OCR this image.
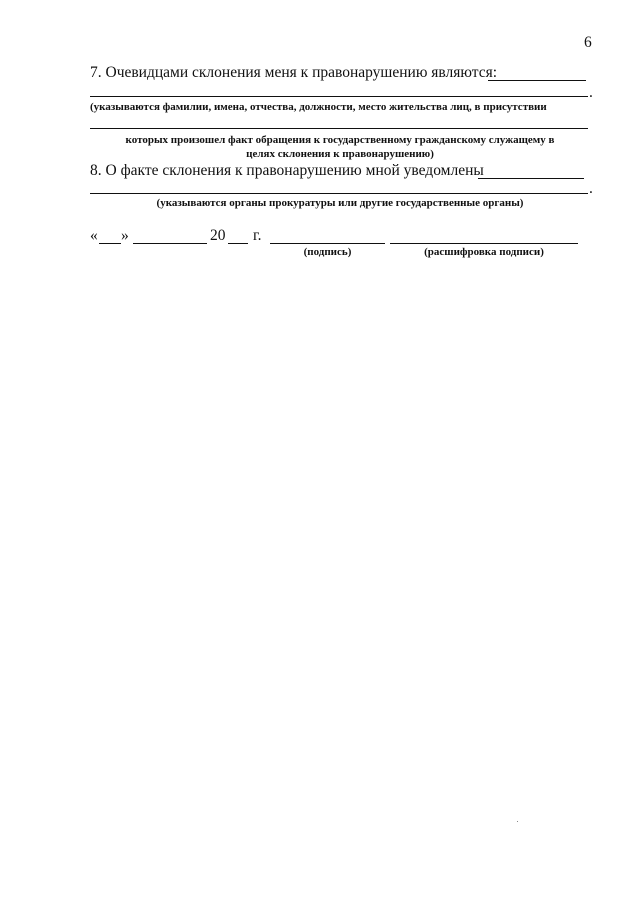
6
7. Очевидцами склонения меня к правонарушению являются:
.
(указываются фамилии, имена, отчества, должности, место жительства лиц, в присутствии
которых произошел факт обращения к государственному гражданскому служащему в
целях склонения к правонарушению)
8. О факте склонения к правонарушению мной уведомлены
.
(указываются органы прокуратуры или другие государственные органы)
« »	20 г.
(подпись)	(расшифровка подписи)
